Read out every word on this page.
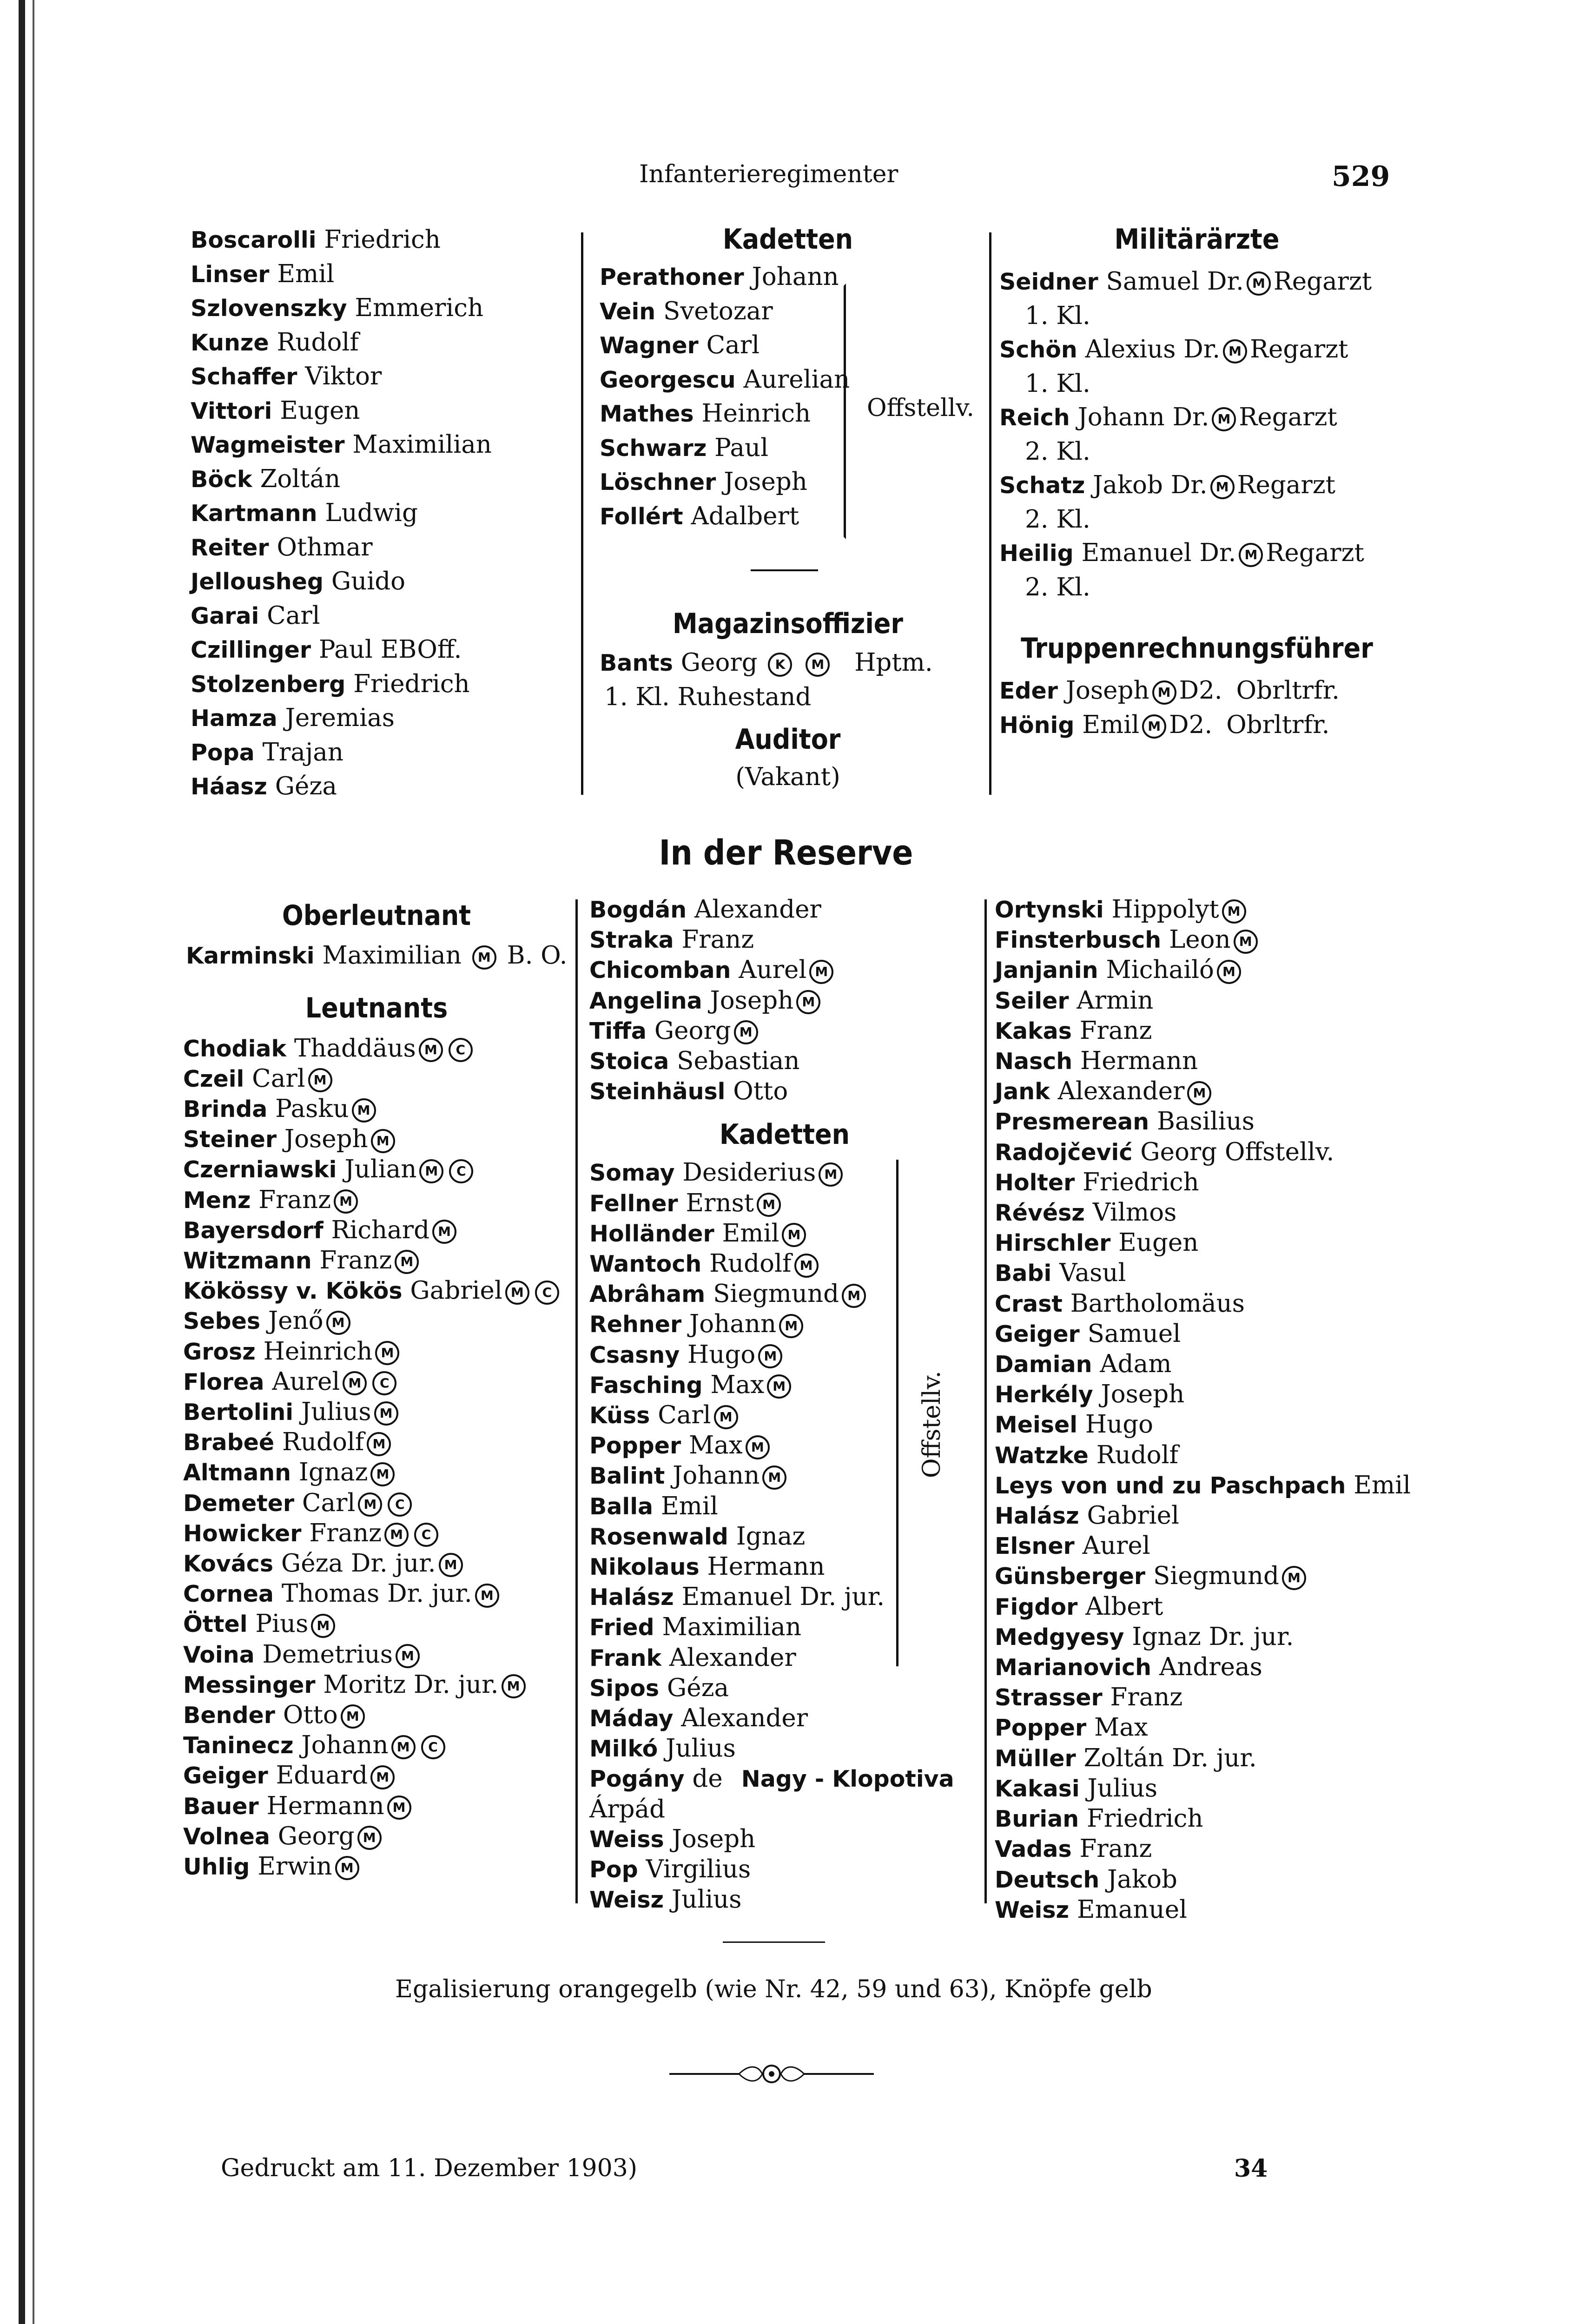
Infanterieregimenter	529
Boscarolli Friedrich
Linser Emil
Szlovenszky Emmerich
Kunze Rudolf
Schaffer Viktor
Vittori Eugen
Wagmeister Maximilian
Böck Zoltán
Kartmann Ludwig
Reiter Othmar
Jellousheg Guido
Garai Carl
Czillinger Paul EBOff.
Stolzenberg Friedrich
Hamza Jeremias
Popa Trajan
Háasz Géza
Kadetten
Perathoner Johann
Vein Svetozar
Wagner Carl
Georgescu Aurelian
Mathes Heinrich
Schwarz Paul
Löschner Joseph
Follért Adalbert
Offstellv.
Magazinsoffizier
Bants Georg K M Hptm.
1. Kl. Ruhestand
Auditor
(Vakant)
Militärärzte
Seidner Samuel Dr. M Regarzt
1. Kl.
Schön Alexius Dr. M Regarzt
1. Kl.
Reich Johann Dr. M Regarzt
2. Kl.
Schatz Jakob Dr. M Regarzt
2. Kl.
Heilig Emanuel Dr. M Regarzt
2. Kl.
Truppenrechnungsführer
Eder Joseph M D2. Obrltrfr.
Hönig Emil M D2. Obrltrfr.
In der Reserve
Oberleutnant
Karminski Maximilian M B. O.
Leutnants
Chodiak Thaddäus M C
Czeil Carl M
Brinda Pasku M
Steiner Joseph M
Czerniawski Julian M C
Menz Franz M
Bayersdorf Richard M
Witzmann Franz M
Kökössy v. Kökös Gabriel M C
Sebes Jenő M
Grosz Heinrich M
Florea Aurel M C
Bertolini Julius M
Brabeé Rudolf M
Altmann Ignaz M
Demeter Carl M C
Howicker Franz M C
Kovács Géza Dr. jur. M
Cornea Thomas Dr. jur. M
Öttel Pius M
Voina Demetrius M
Messinger Moritz Dr. jur. M
Bender Otto M
Taninecz Johann M C
Geiger Eduard M
Bauer Hermann M
Volnea Georg M
Uhlig Erwin M
Bogdán Alexander
Straka Franz
Chicomban Aurel M
Angelina Joseph M
Tiffa Georg M
Stoica Sebastian
Steinhäusl Otto
Kadetten
Somay Desiderius M
Fellner Ernst M
Holländer Emil M
Wantoch Rudolf M
Abrâham Siegmund M
Rehner Johann M
Csasny Hugo M
Fasching Max M
Küss Carl M
Popper Max M
Balint Johann M
Balla Emil
Rosenwald Ignaz
Nikolaus Hermann
Halász Emanuel Dr. jur.
Fried Maximilian
Frank Alexander
Sipos Géza
Máday Alexander
Milkó Julius
Pogány de Nagy - Klopotiva
Árpád
Weiss Joseph
Pop Virgilius
Weisz Julius
Offstellv.
Ortynski Hippolyt M
Finsterbusch Leon M
Janjanin Michailó M
Seiler Armin
Kakas Franz
Nasch Hermann
Jank Alexander M
Presmerean Basilius
Radojčević Georg Offstellv.
Holter Friedrich
Révész Vilmos
Hirschler Eugen
Babi Vasul
Crast Bartholomäus
Geiger Samuel
Damian Adam
Herkély Joseph
Meisel Hugo
Watzke Rudolf
Leys von und zu Paschpach Emil
Halász Gabriel
Elsner Aurel
Günsberger Siegmund M
Figdor Albert
Medgyesy Ignaz Dr. jur.
Marianovich Andreas
Strasser Franz
Popper Max
Müller Zoltán Dr. jur.
Kakasi Julius
Burian Friedrich
Vadas Franz
Deutsch Jakob
Weisz Emanuel
Egalisierung orangegelb (wie Nr. 42, 59 und 63), Knöpfe gelb
Gedruckt am 11. Dezember 1903)	34
